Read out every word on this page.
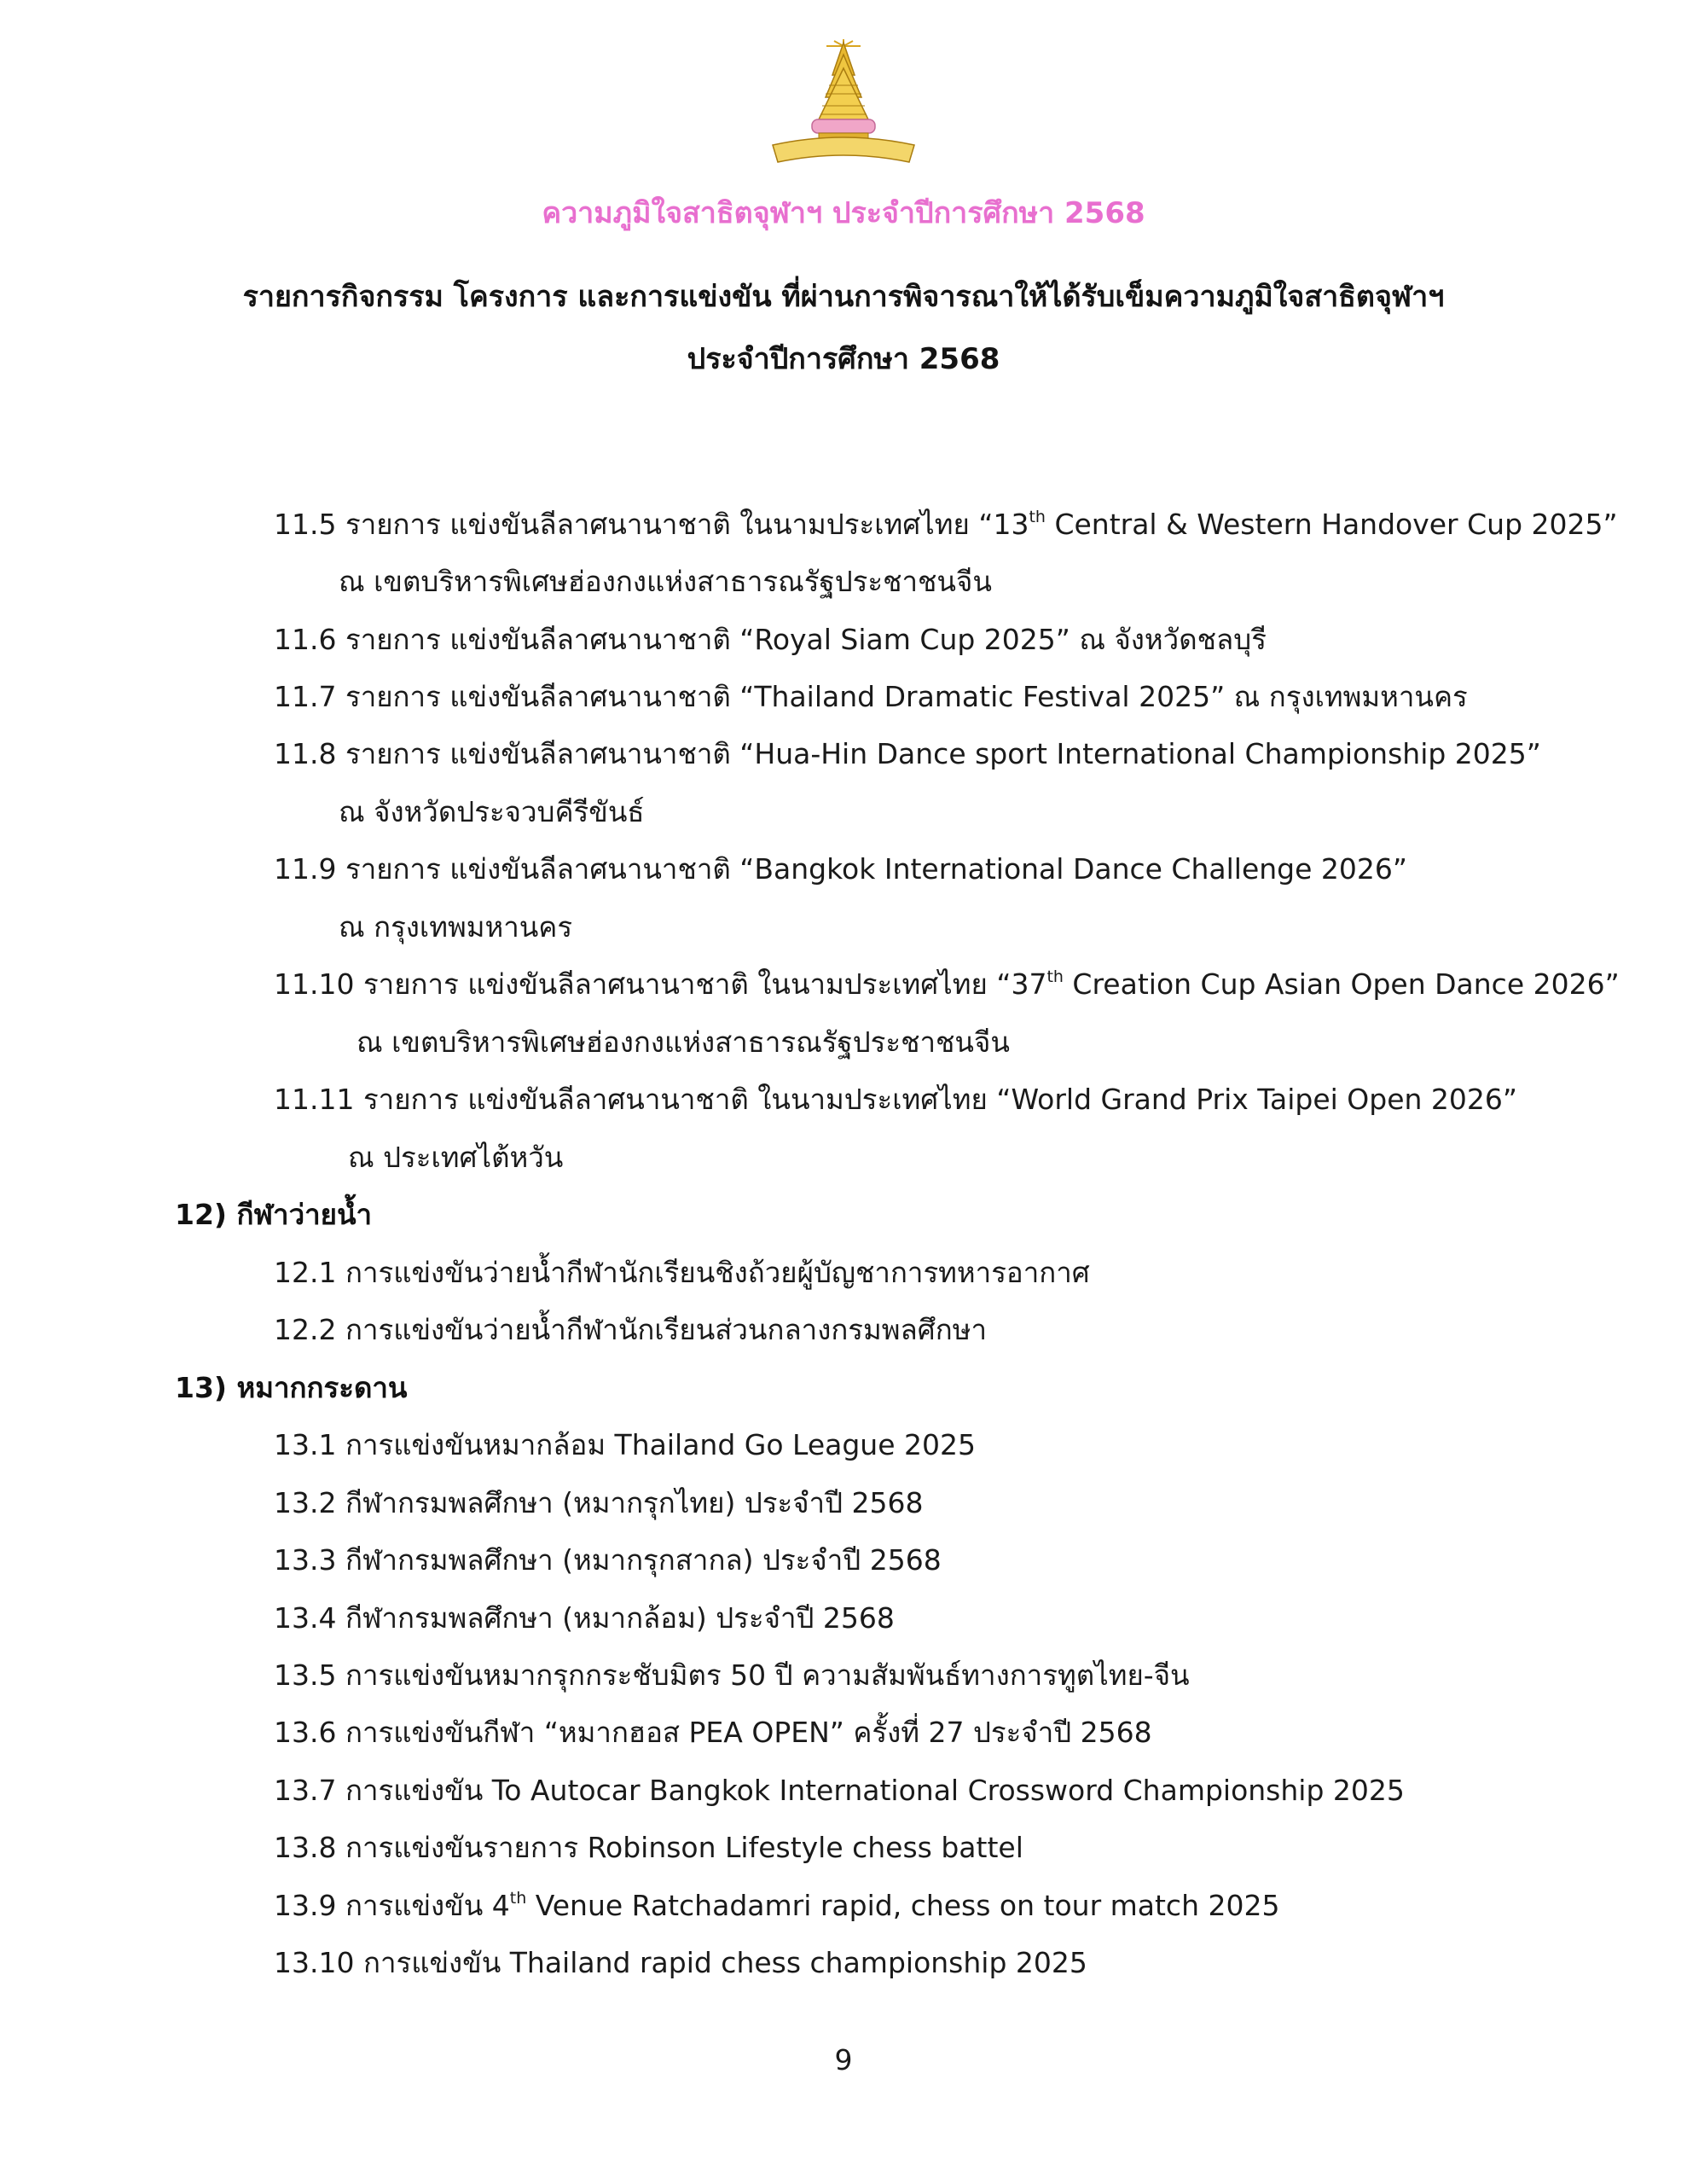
ความภูมิใจสาธิตจุฬาฯ ประจำปีการศึกษา 2568
รายการกิจกรรม โครงการ และการแข่งขัน ที่ผ่านการพิจารณาให้ได้รับเข็มความภูมิใจสาธิตจุฬาฯ
ประจำปีการศึกษา 2568
11.5 รายการ แข่งขันลีลาศนานาชาติ ในนามประเทศไทย “13th Central & Western Handover Cup 2025”
ณ เขตบริหารพิเศษฮ่องกงแห่งสาธารณรัฐประชาชนจีน
11.6 รายการ แข่งขันลีลาศนานาชาติ “Royal Siam Cup 2025” ณ จังหวัดชลบุรี
11.7 รายการ แข่งขันลีลาศนานาชาติ “Thailand Dramatic Festival 2025” ณ กรุงเทพมหานคร
11.8 รายการ แข่งขันลีลาศนานาชาติ “Hua-Hin Dance sport International Championship 2025”
ณ จังหวัดประจวบคีรีขันธ์
11.9 รายการ แข่งขันลีลาศนานาชาติ “Bangkok International Dance Challenge 2026”
ณ กรุงเทพมหานคร
11.10 รายการ แข่งขันลีลาศนานาชาติ ในนามประเทศไทย “37th Creation Cup Asian Open Dance 2026”
ณ เขตบริหารพิเศษฮ่องกงแห่งสาธารณรัฐประชาชนจีน
11.11 รายการ แข่งขันลีลาศนานาชาติ ในนามประเทศไทย “World Grand Prix Taipei Open 2026”
ณ ประเทศไต้หวัน
12) กีฬาว่ายน้ำ
12.1 การแข่งขันว่ายน้ำกีฬานักเรียนชิงถ้วยผู้บัญชาการทหารอากาศ
12.2 การแข่งขันว่ายน้ำกีฬานักเรียนส่วนกลางกรมพลศึกษา
13) หมากกระดาน
13.1 การแข่งขันหมากล้อม Thailand Go League 2025
13.2 กีฬากรมพลศึกษา (หมากรุกไทย) ประจำปี 2568
13.3 กีฬากรมพลศึกษา (หมากรุกสากล) ประจำปี 2568
13.4 กีฬากรมพลศึกษา (หมากล้อม) ประจำปี 2568
13.5 การแข่งขันหมากรุกกระชับมิตร 50 ปี ความสัมพันธ์ทางการทูตไทย-จีน
13.6 การแข่งขันกีฬา “หมากฮอส PEA OPEN” ครั้งที่ 27 ประจำปี 2568
13.7 การแข่งขัน To Autocar Bangkok International Crossword Championship 2025
13.8 การแข่งขันรายการ Robinson Lifestyle chess battel
13.9 การแข่งขัน 4th Venue Ratchadamri rapid, chess on tour match 2025
13.10 การแข่งขัน Thailand rapid chess championship 2025
9
